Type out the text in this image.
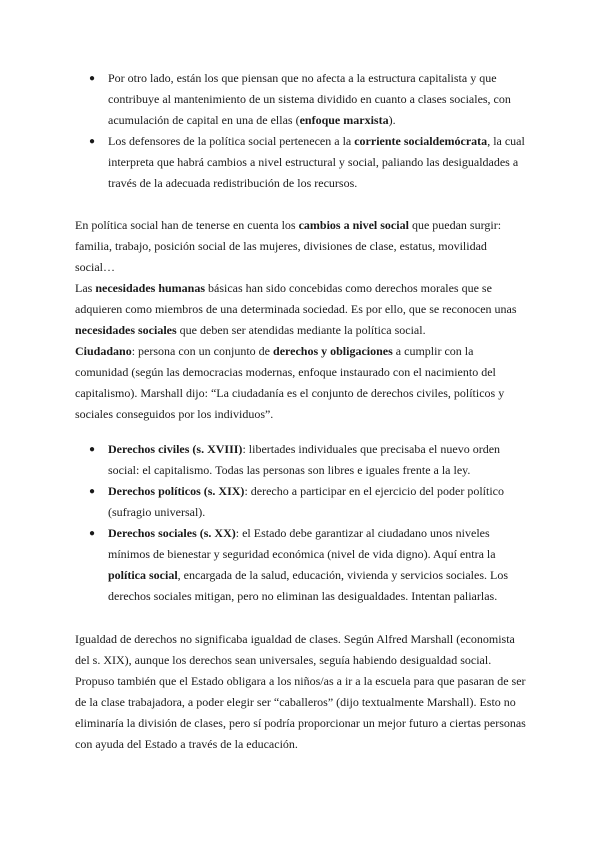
● Por otro lado, están los que piensan que no afecta a la estructura capitalista y que contribuye al mantenimiento de un sistema dividido en cuanto a clases sociales, con acumulación de capital en una de ellas (enfoque marxista).
● Los defensores de la política social pertenecen a la corriente socialdemócrata, la cual interpreta que habrá cambios a nivel estructural y social, paliando las desigualdades a través de la adecuada redistribución de los recursos.

En política social han de tenerse en cuenta los cambios a nivel social que puedan surgir: familia, trabajo, posición social de las mujeres, divisiones de clase, estatus, movilidad social…

Las necesidades humanas básicas han sido concebidas como derechos morales que se adquieren como miembros de una determinada sociedad. Es por ello, que se reconocen unas necesidades sociales que deben ser atendidas mediante la política social.

Ciudadano: persona con un conjunto de derechos y obligaciones a cumplir con la comunidad (según las democracias modernas, enfoque instaurado con el nacimiento del capitalismo). Marshall dijo: “La ciudadanía es el conjunto de derechos civiles, políticos y sociales conseguidos por los individuos”.

● Derechos civiles (s. XVIII): libertades individuales que precisaba el nuevo orden social: el capitalismo. Todas las personas son libres e iguales frente a la ley.
● Derechos políticos (s. XIX): derecho a participar en el ejercicio del poder político (sufragio universal).
● Derechos sociales (s. XX): el Estado debe garantizar al ciudadano unos niveles mínimos de bienestar y seguridad económica (nivel de vida digno). Aquí entra la política social, encargada de la salud, educación, vivienda y servicios sociales. Los derechos sociales mitigan, pero no eliminan las desigualdades. Intentan paliarlas.

Igualdad de derechos no significaba igualdad de clases. Según Alfred Marshall (economista del s. XIX), aunque los derechos sean universales, seguía habiendo desigualdad social. Propuso también que el Estado obligara a los niños/as a ir a la escuela para que pasaran de ser de la clase trabajadora, a poder elegir ser “caballeros” (dijo textualmente Marshall). Esto no eliminaría la división de clases, pero sí podría proporcionar un mejor futuro a ciertas personas con ayuda del Estado a través de la educación.
